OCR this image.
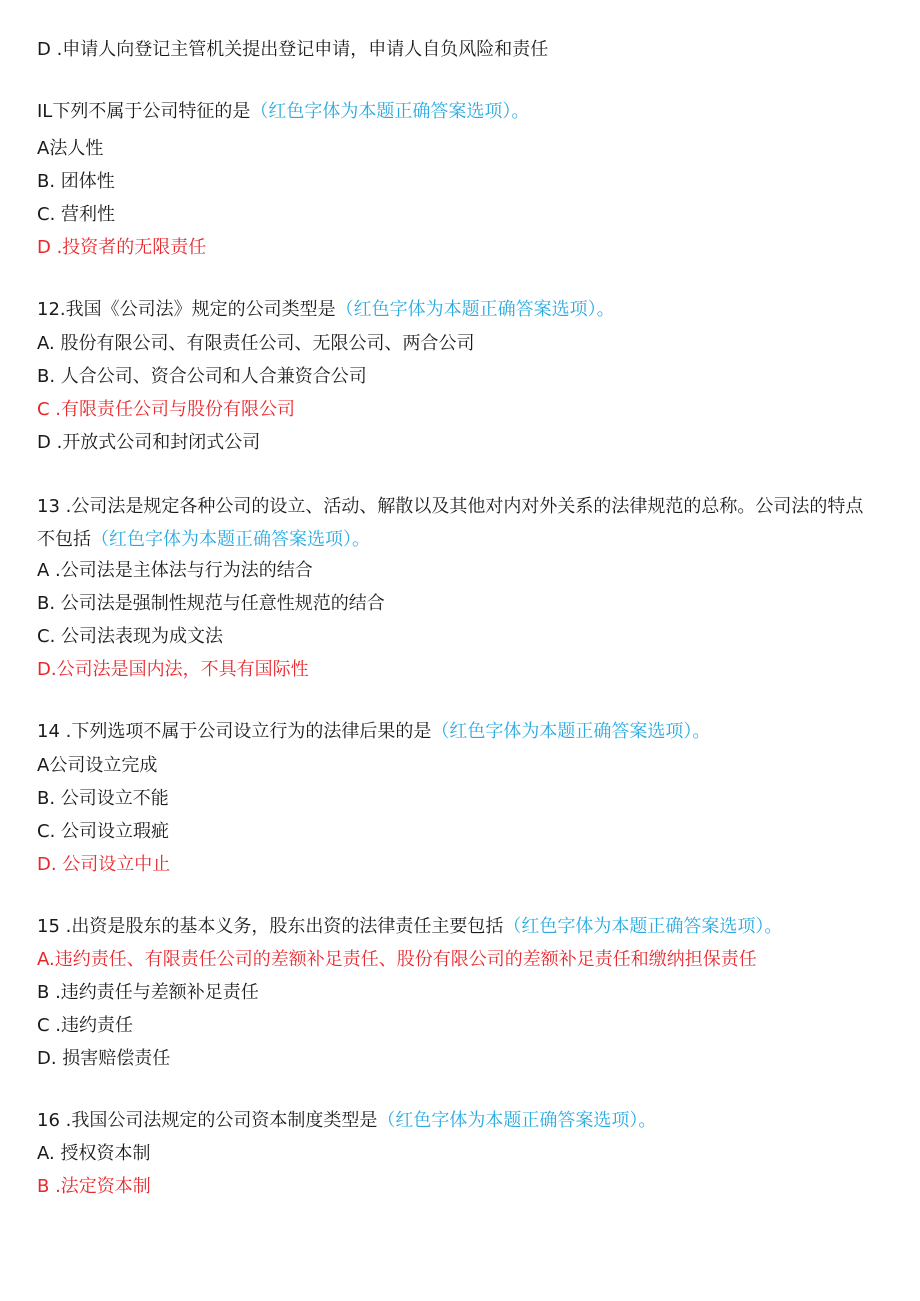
D .申请人向登记主管机关提出登记申请，申请人自负风险和责任
IL下列不属于公司特征的是（红色字体为本题正确答案选项）。
A法人性
B. 团体性
C. 营利性
D .投资者的无限责任
12.我国《公司法》规定的公司类型是（红色字体为本题正确答案选项）。
A. 股份有限公司、有限责任公司、无限公司、两合公司
B. 人合公司、资合公司和人合兼资合公司
C .有限责任公司与股份有限公司
D .开放式公司和封闭式公司
13 .公司法是规定各种公司的设立、活动、解散以及其他对内对外关系的法律规范的总称。公司法的特点不包括（红色字体为本题正确答案选项）。
A .公司法是主体法与行为法的结合
B. 公司法是强制性规范与任意性规范的结合
C. 公司法表现为成文法
D.公司法是国内法，不具有国际性
14 .下列选项不属于公司设立行为的法律后果的是（红色字体为本题正确答案选项）。
A公司设立完成
B. 公司设立不能
C. 公司设立瑕疵
D. 公司设立中止
15 .出资是股东的基本义务，股东出资的法律责任主要包括（红色字体为本题正确答案选项）。
A.违约责任、有限责任公司的差额补足责任、股份有限公司的差额补足责任和缴纳担保责任
B .违约责任与差额补足责任
C .违约责任
D. 损害赔偿责任
16 .我国公司法规定的公司资本制度类型是（红色字体为本题正确答案选项）。
A. 授权资本制
B .法定资本制
